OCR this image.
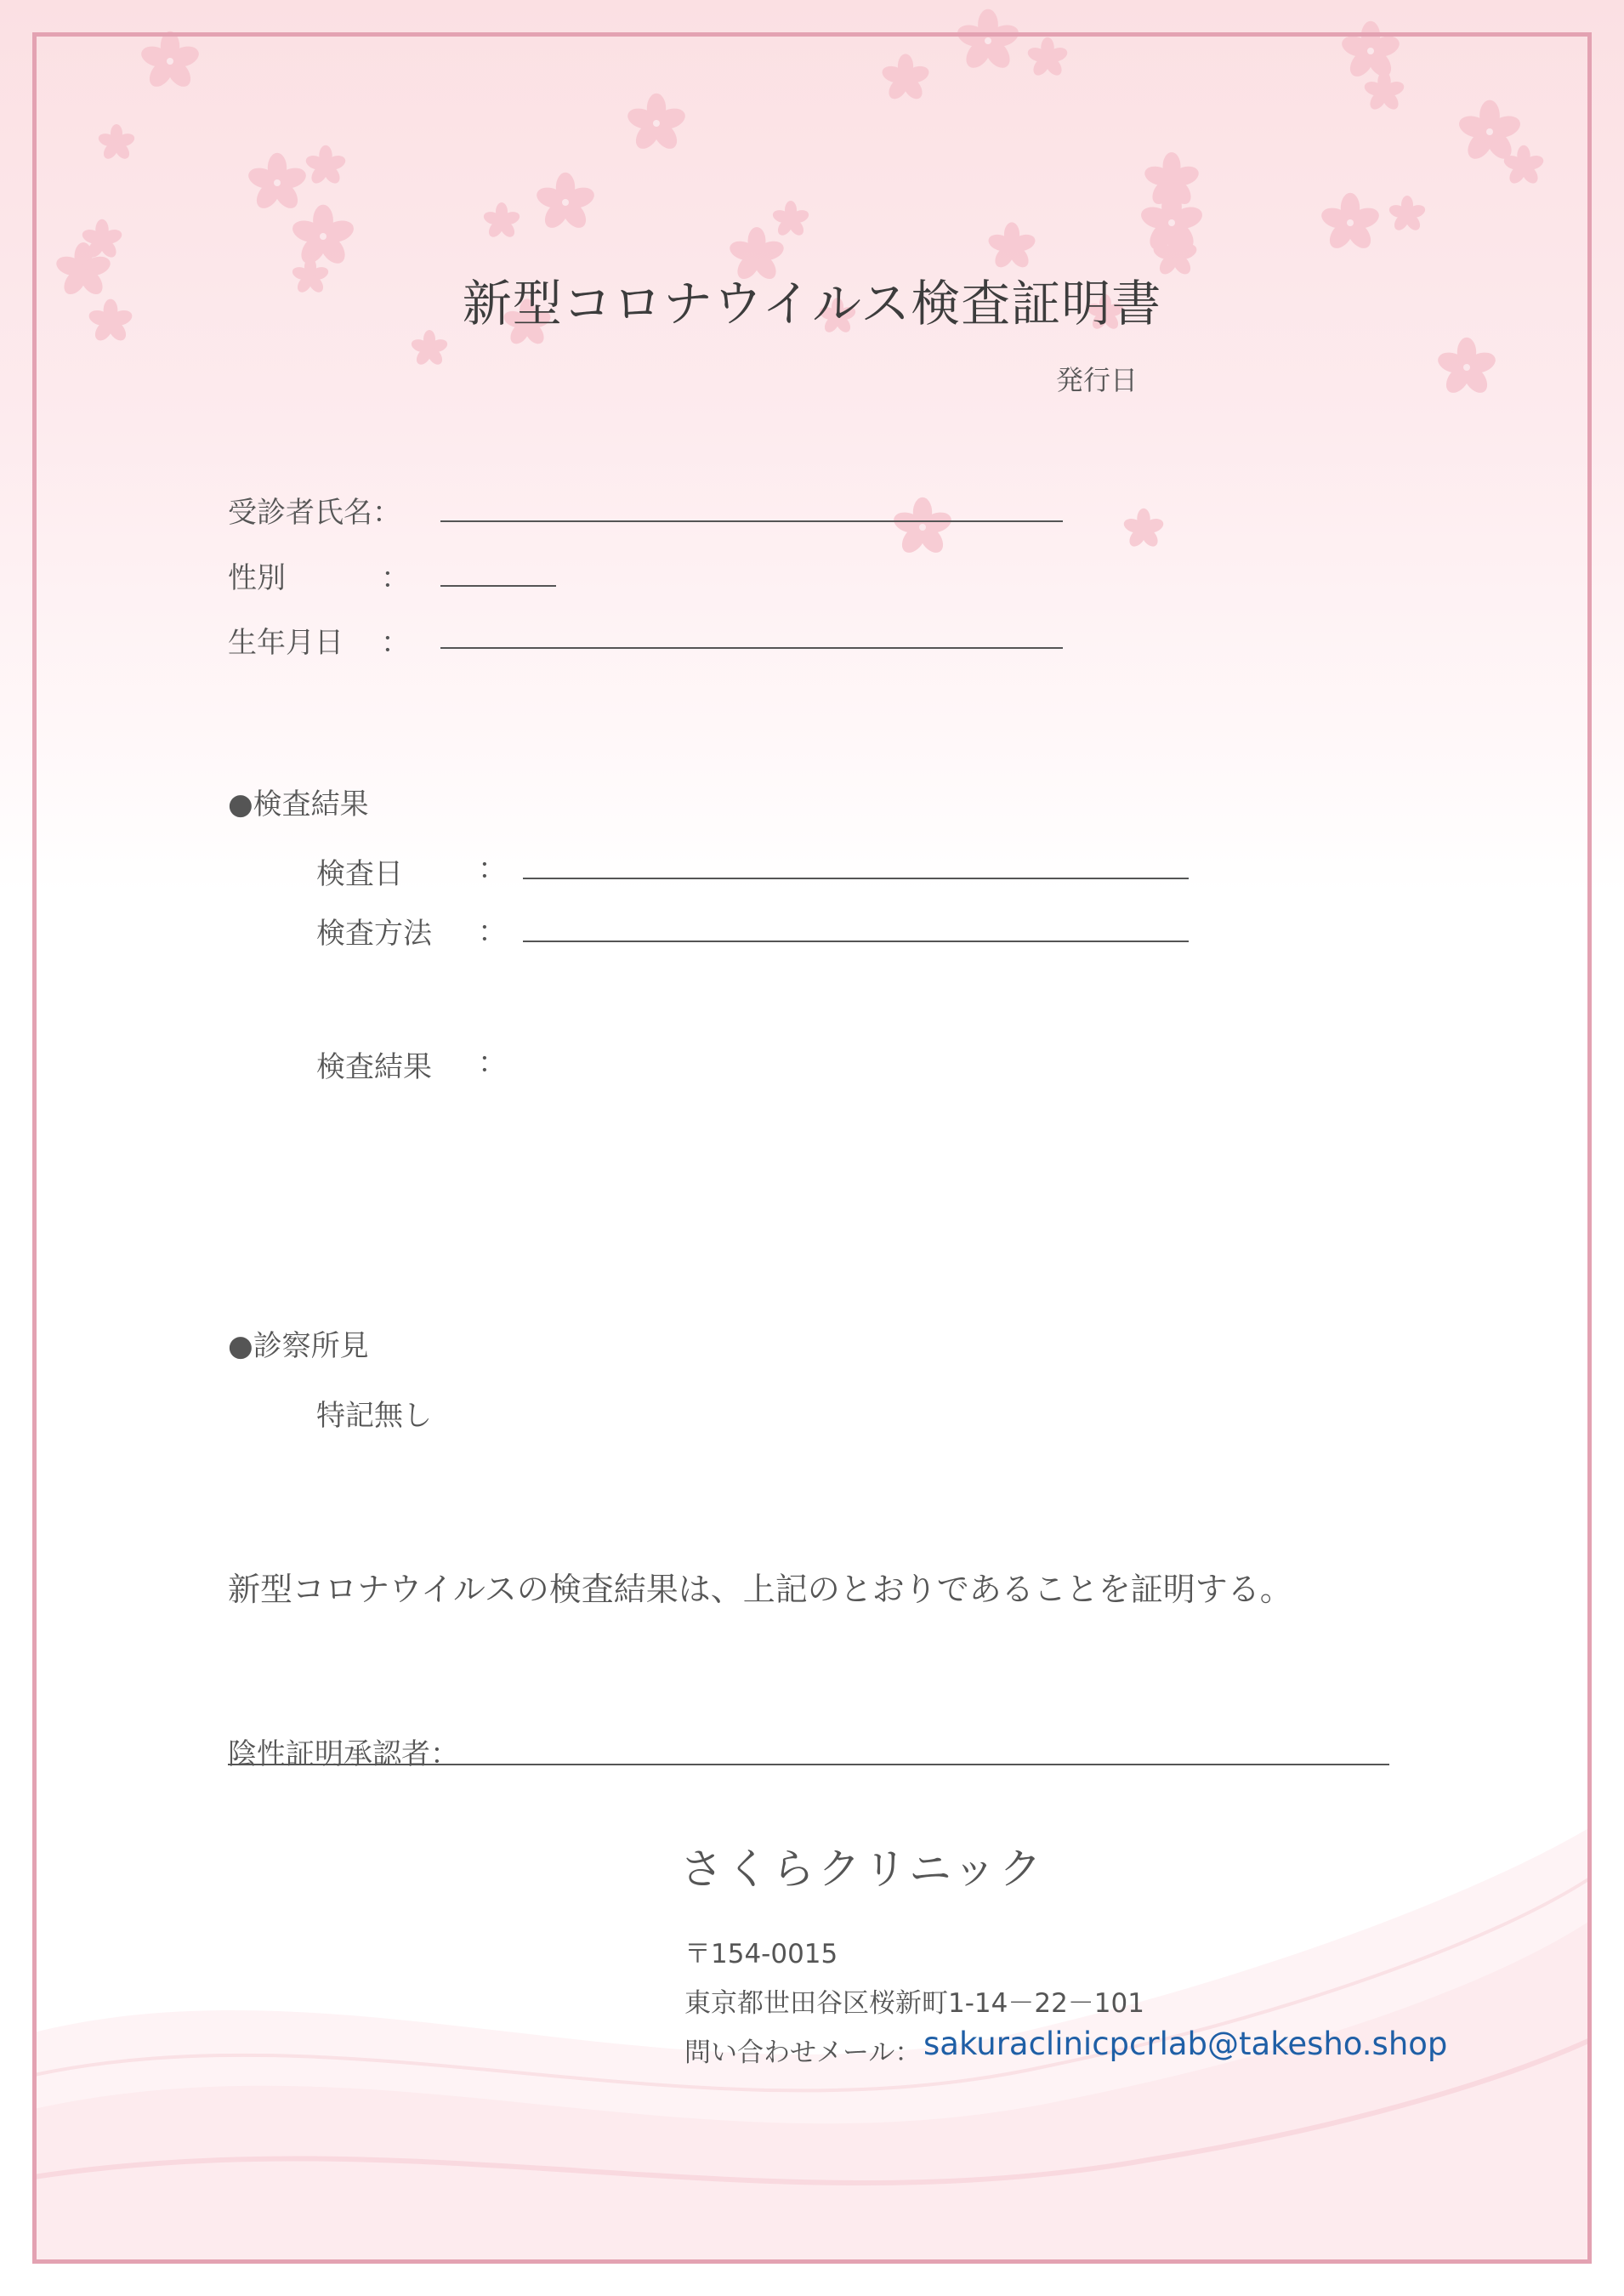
新型コロナウイルス検査証明書
発行日
受診者氏名：
性別	：
生年月日 ：
●検査結果
検査日	：
検査方法 ：
検査結果 ：
●診察所見
特記無し
新型コロナウイルスの検査結果は、上記のとおりであることを証明する。
陰性証明承認者：
さくらクリニック
〒154-0015
東京都世田谷区桜新町1-14－22－101
問い合わせメール： sakuraclinicpcrlab@takesho.shop
